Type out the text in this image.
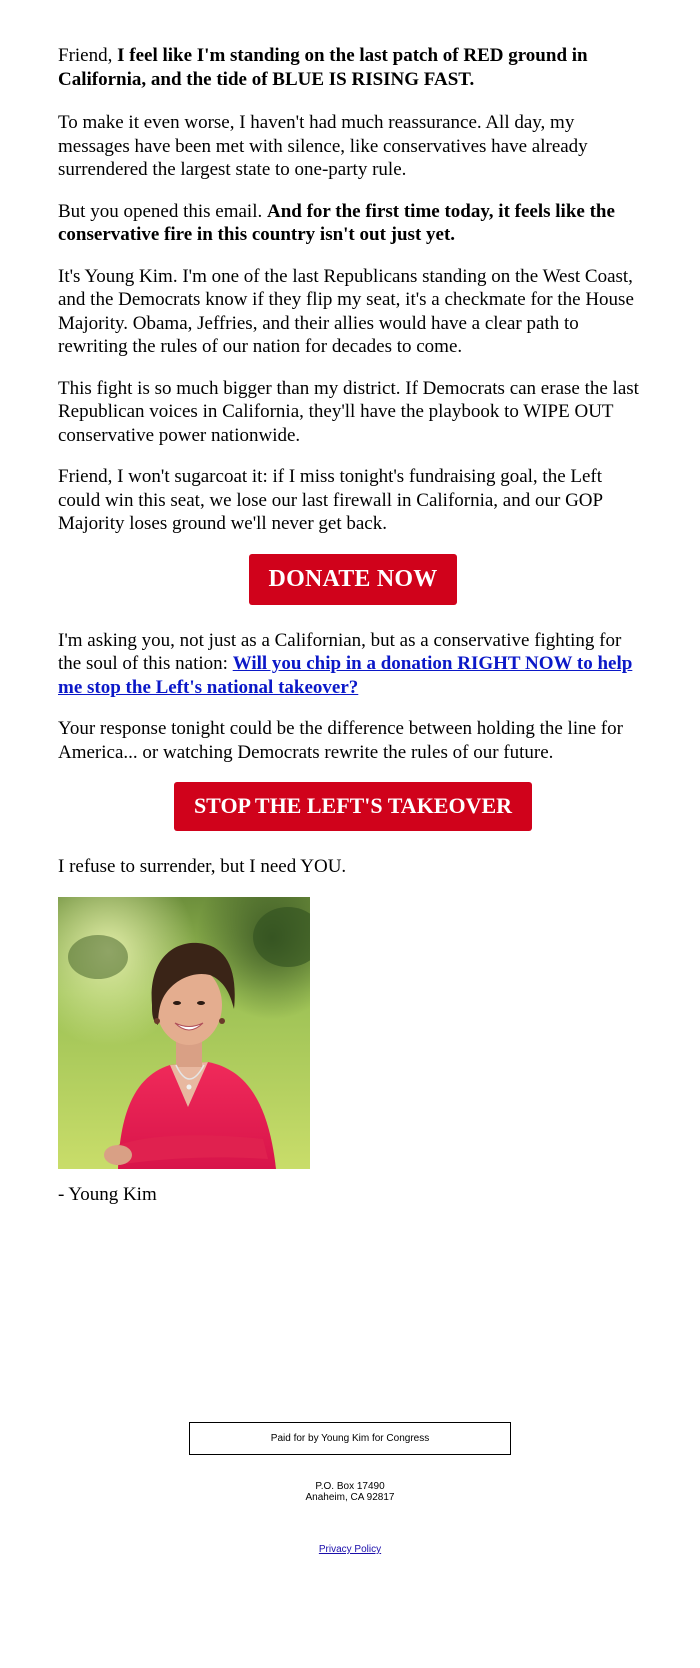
Friend, I feel like I'm standing on the last patch of RED ground in California, and the tide of BLUE IS RISING FAST.

To make it even worse, I haven't had much reassurance. All day, my messages have been met with silence, like conservatives have already surrendered the largest state to one-party rule.

But you opened this email. And for the first time today, it feels like the conservative fire in this country isn't out just yet.

It's Young Kim. I'm one of the last Republicans standing on the West Coast, and the Democrats know if they flip my seat, it's a checkmate for the House Majority. Obama, Jeffries, and their allies would have a clear path to rewriting the rules of our nation for decades to come.

This fight is so much bigger than my district. If Democrats can erase the last Republican voices in California, they'll have the playbook to WIPE OUT conservative power nationwide.

Friend, I won't sugarcoat it: if I miss tonight's fundraising goal, the Left could win this seat, we lose our last firewall in California, and our GOP Majority loses ground we'll never get back.

DONATE NOW

I'm asking you, not just as a Californian, but as a conservative fighting for the soul of this nation: Will you chip in a donation RIGHT NOW to help me stop the Left's national takeover?

Your response tonight could be the difference between holding the line for America... or watching Democrats rewrite the rules of our future.

STOP THE LEFT'S TAKEOVER

I refuse to surrender, but I need YOU.

- Young Kim

Paid for by Young Kim for Congress
P.O. Box 17490
Anaheim, CA 92817
Privacy Policy
